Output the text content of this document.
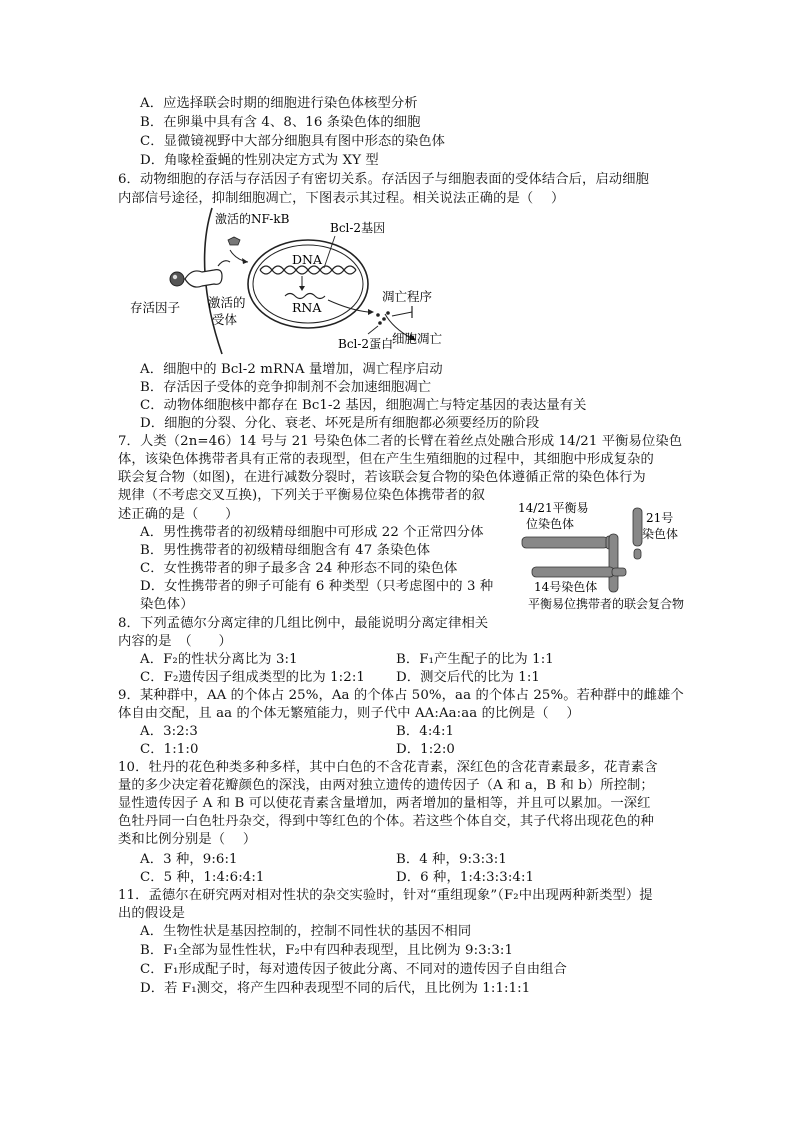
A．应选择联会时期的细胞进行染色体核型分析
B．在卵巢中具有含 4、8、16 条染色体的细胞
C．显微镜视野中大部分细胞具有图中形态的染色体
D．角喙栓蚕蝇的性别决定方式为 XY 型
6．动物细胞的存活与存活因子有密切关系。存活因子与细胞表面的受体结合后，启动细胞
内部信号途径，抑制细胞凋亡，下图表示其过程。相关说法正确的是（　 ）
激活的NF-kB
存活因子 激活的
受体
DNA
Bcl-2基因
RNA
Bcl-2蛋白
凋亡程序
细胞凋亡
A．细胞中的 Bcl-2 mRNA 量增加，凋亡程序启动
B．存活因子受体的竞争抑制剂不会加速细胞凋亡
C．动物体细胞核中都存在 Bc1-2 基因，细胞凋亡与特定基因的表达量有关
D．细胞的分裂、分化、衰老、坏死是所有细胞都必须要经历的阶段
7．人类（2n=46）14 号与 21 号染色体二者的长臂在着丝点处融合形成 14/21 平衡易位染色
体，该染色体携带者具有正常的表现型，但在产生生殖细胞的过程中，其细胞中形成复杂的
联会复合物（如图)，在进行减数分裂时，若该联会复合物的染色体遵循正常的染色体行为
规律（不考虑交叉互换)，下列关于平衡易位染色体携带者的叙
述正确的是（　　）
A．男性携带者的初级精母细胞中可形成 22 个正常四分体
B．男性携带者的初级精母细胞含有 47 条染色体
C．女性携带者的卵子最多含 24 种形态不同的染色体
D．女性携带者的卵子可能有 6 种类型（只考虑图中的 3 种
染色体）
14/21平衡易
位染色体	21号
染色体
14号染色体
平衡易位携带者的联会复合物
8．下列孟德尔分离定律的几组比例中，最能说明分离定律相关
内容的是　（　　）
A．F₂的性状分离比为 3:1	B．F₁产生配子的比为 1:1
C．F₂遗传因子组成类型的比为 1:2:1 D．测交后代的比为 1:1
9．某种群中，AA 的个体占 25%，Aa 的个体占 50%，aa 的个体占 25%。若种群中的雌雄个
体自由交配，且 aa 的个体无繁殖能力，则子代中 AA:Aa:aa 的比例是（　 ）
A．3:2:3	B．4:4:1
C．1:1:0	D．1:2:0
10．牡丹的花色种类多种多样，其中白色的不含花青素，深红色的含花青素最多，花青素含
量的多少决定着花瓣颜色的深浅，由两对独立遗传的遗传因子（A 和 a，B 和 b）所控制；
显性遗传因子 A 和 B 可以使花青素含量增加，两者增加的量相等，并且可以累加。一深红
色牡丹同一白色牡丹杂交，得到中等红色的个体。若这些个体自交，其子代将出现花色的种
类和比例分别是（　 ）
A．3 种，9:6:1	B．4 种，9:3:3:1
C．5 种，1:4:6:4:1	D．6 种，1:4:3:3:4:1
11．孟德尔在研究两对相对性状的杂交实验时，针对“重组现象”（F₂中出现两种新类型）提
出的假设是
A．生物性状是基因控制的，控制不同性状的基因不相同
B．F₁全部为显性性状，F₂中有四种表现型，且比例为 9:3:3:1
C．F₁形成配子时，每对遗传因子彼此分离、不同对的遗传因子自由组合
D．若 F₁测交，将产生四种表现型不同的后代，且比例为 1:1:1:1
